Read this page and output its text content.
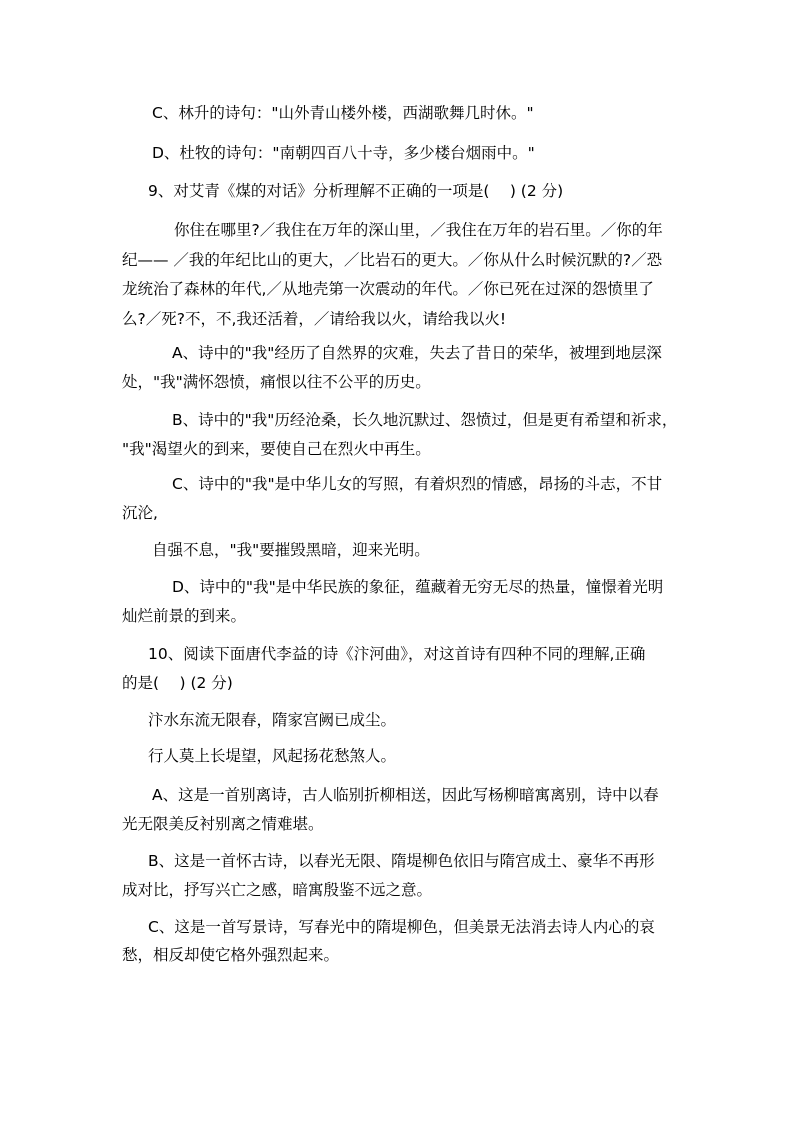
C、林升的诗句："山外青山楼外楼，西湖歌舞几时休。"
D、杜牧的诗句："南朝四百八十寺，多少楼台烟雨中。"
9、对艾青《煤的对话》分析理解不正确的一项是(　 ) (2 分)
你住在哪里?／我住在万年的深山里，／我住在万年的岩石里。／你的年
纪—— ／我的年纪比山的更大，／比岩石的更大。／你从什么时候沉默的?／恐
龙统治了森林的年代,／从地壳第一次震动的年代。／你已死在过深的怨愤里了
么?／死?不，不,我还活着，／请给我以火，请给我以火!
A、诗中的"我"经历了自然界的灾难，失去了昔日的荣华，被埋到地层深
处，"我"满怀怨愤，痛恨以往不公平的历史。
B、诗中的"我"历经沧桑，长久地沉默过、怨愤过，但是更有希望和祈求，
"我"渴望火的到来，要使自己在烈火中再生。
C、诗中的"我"是中华儿女的写照，有着炽烈的情感，昂扬的斗志，不甘
沉沦,
自强不息，"我"要摧毁黑暗，迎来光明。
D、诗中的"我"是中华民族的象征，蕴藏着无穷无尽的热量，憧憬着光明
灿烂前景的到来。
10、阅读下面唐代李益的诗《汴河曲》，对这首诗有四种不同的理解,正确
的是(　 ) (2 分)
汴水东流无限春，隋家宫阙已成尘。
行人莫上长堤望，风起扬花愁煞人。
A、这是一首别离诗，古人临别折柳相送，因此写杨柳暗寓离别，诗中以春
光无限美反衬别离之情难堪。
B、这是一首怀古诗，以春光无限、隋堤柳色依旧与隋宫成土、豪华不再形
成对比，抒写兴亡之感，暗寓殷鉴不远之意。
C、这是一首写景诗，写春光中的隋堤柳色，但美景无法消去诗人内心的哀
愁，相反却使它格外强烈起来。
